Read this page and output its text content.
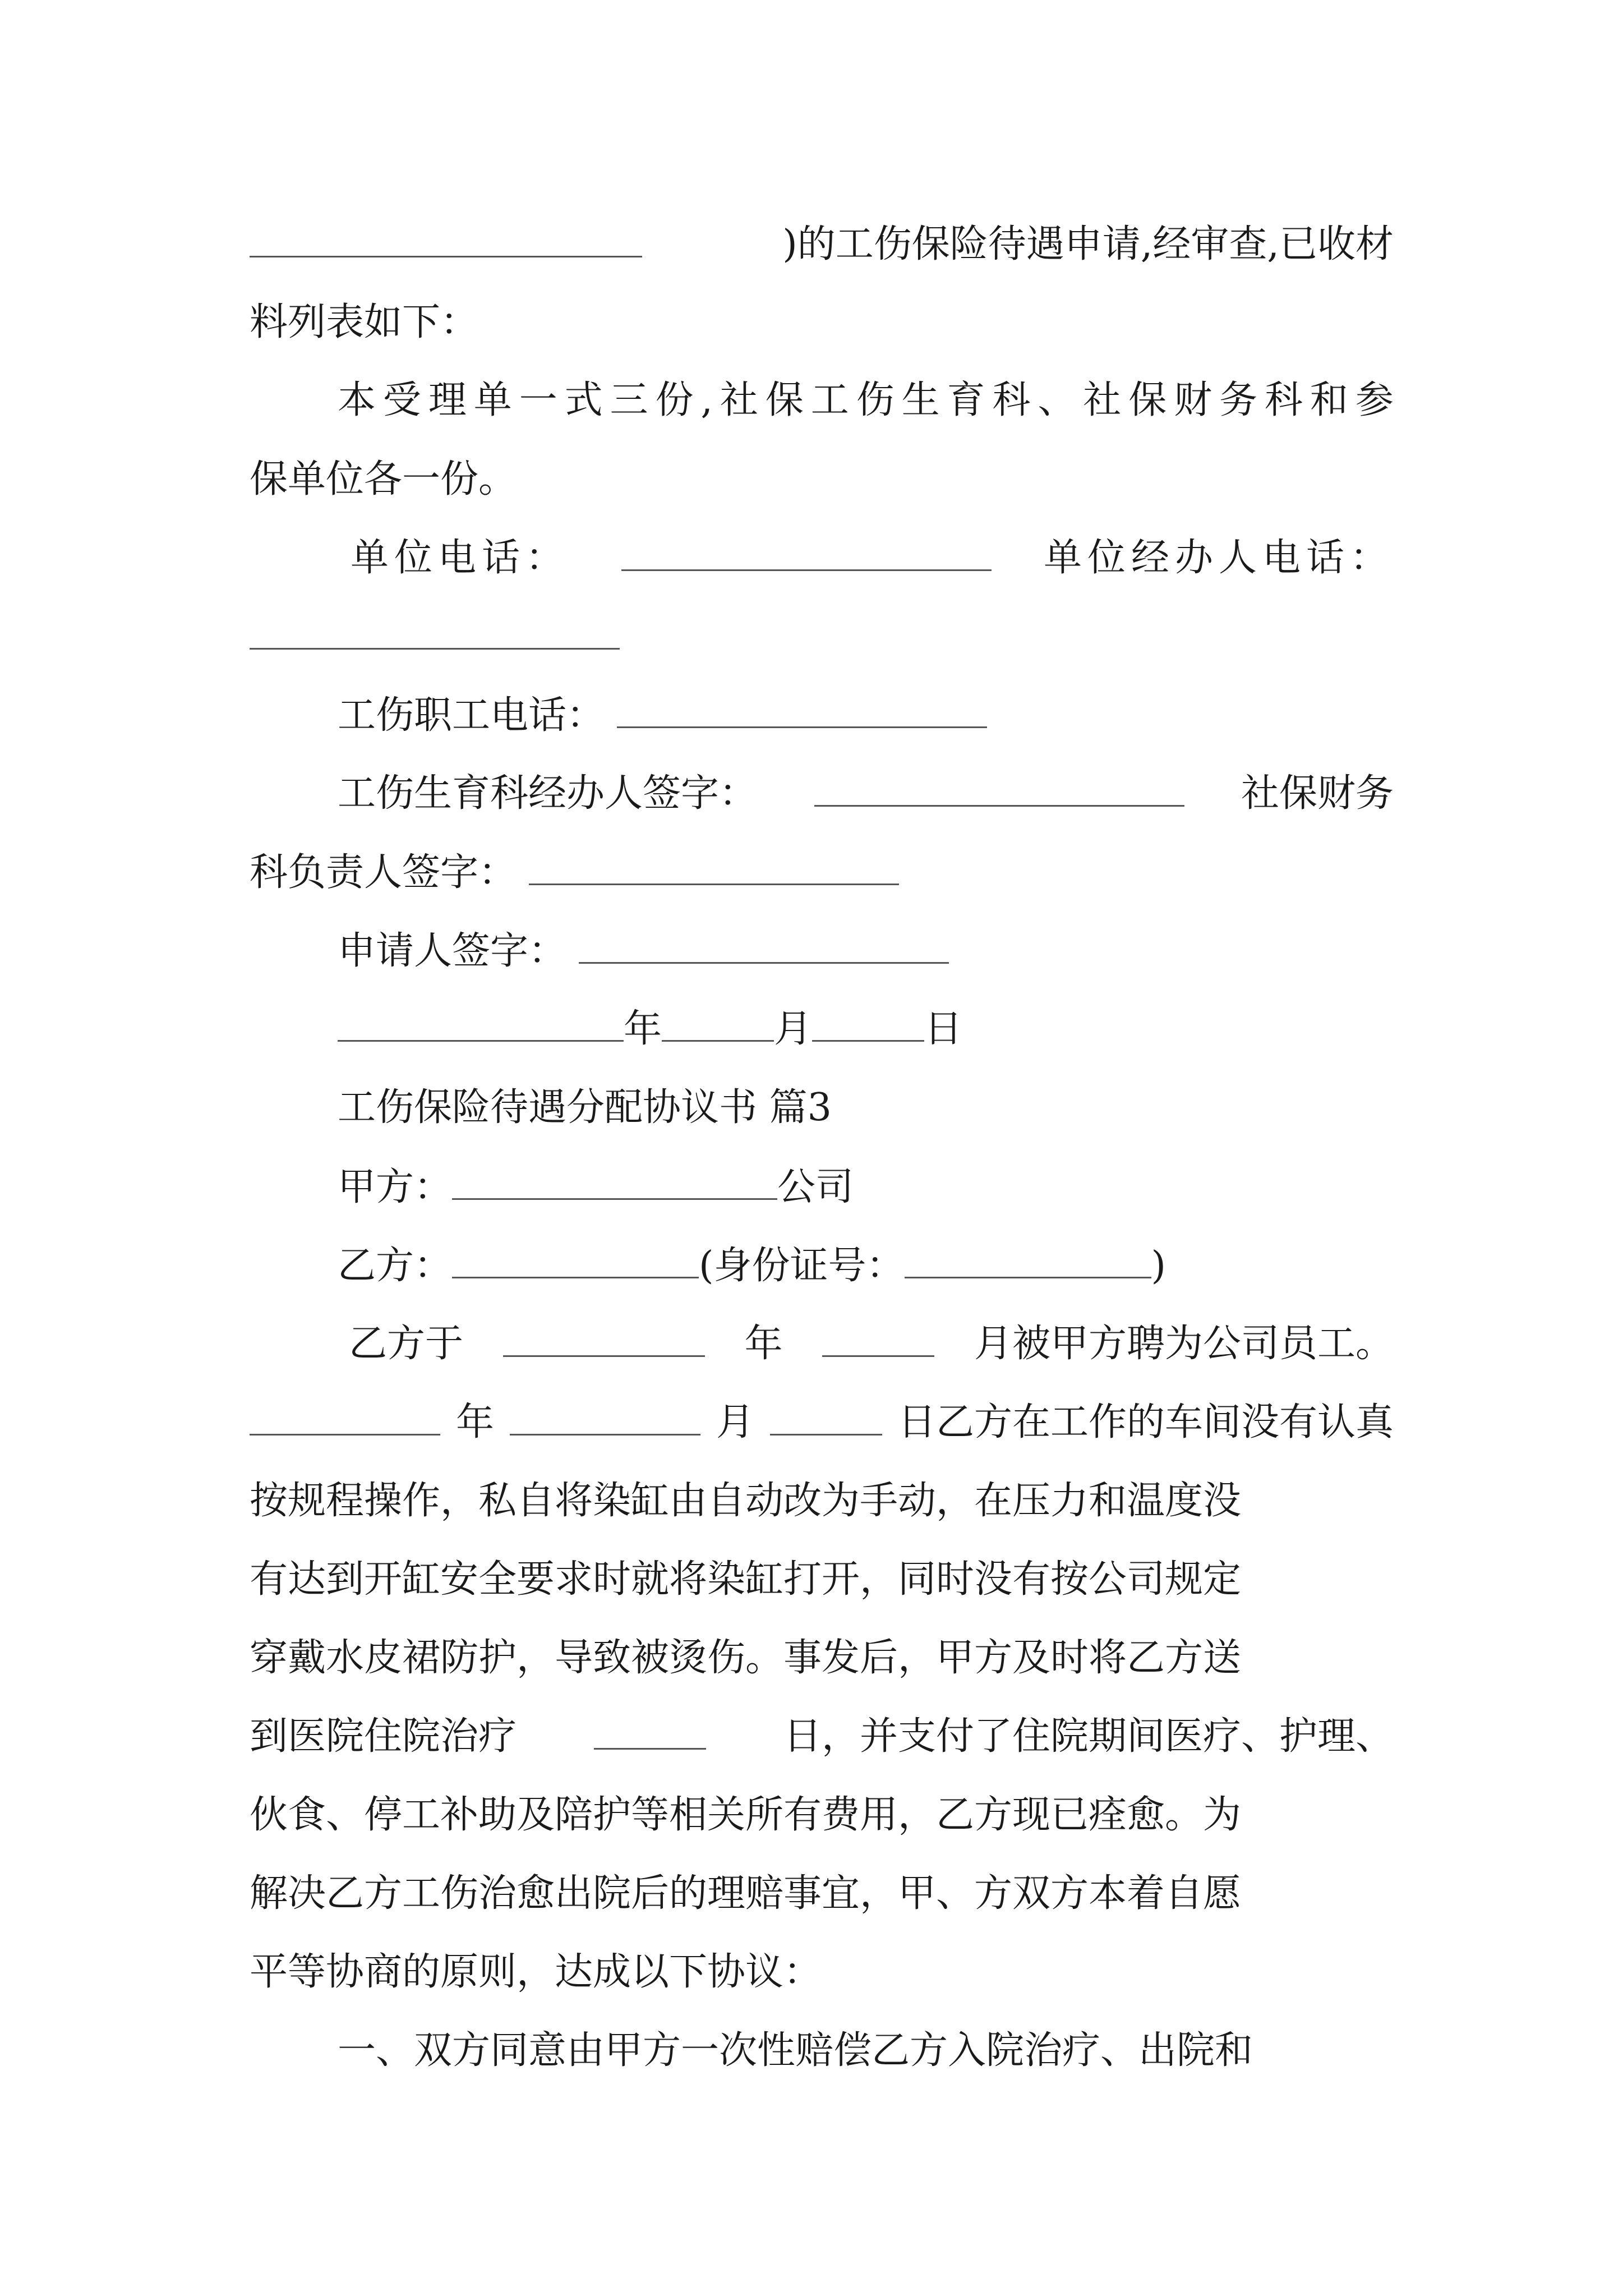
)的工伤保险待遇申请,经审查,已收材
料列表如下：
本 受 理 单 一 式 三 份 , 社 保 工 伤 生 育 科 、 社 保 财 务 科 和 参
保单位各一份。
单位电话：	单位经办人电话：
工伤职工电话：
工伤生育科经办人签字：	社保财务
科负责人签字：
申请人签字：
年	月	日
工伤保险待遇分配协议书 篇3
甲方：	公司
乙方：	(身份证号：	)
乙方于	年	月被甲方聘为公司员工。
年	月	日乙方在工作的车间没有认真
按规程操作，私自将染缸由自动改为手动，在压力和温度没
有达到开缸安全要求时就将染缸打开，同时没有按公司规定
穿戴水皮裙防护，导致被烫伤。事发后，甲方及时将乙方送
到医院住院治疗	日，并支付了住院期间医疗、护理、
伙食、停工补助及陪护等相关所有费用，乙方现已痊愈。为
解决乙方工伤治愈出院后的理赔事宜，甲、方双方本着自愿
平等协商的原则，达成以下协议：
一、双方同意由甲方一次性赔偿乙方入院治疗、出院和
